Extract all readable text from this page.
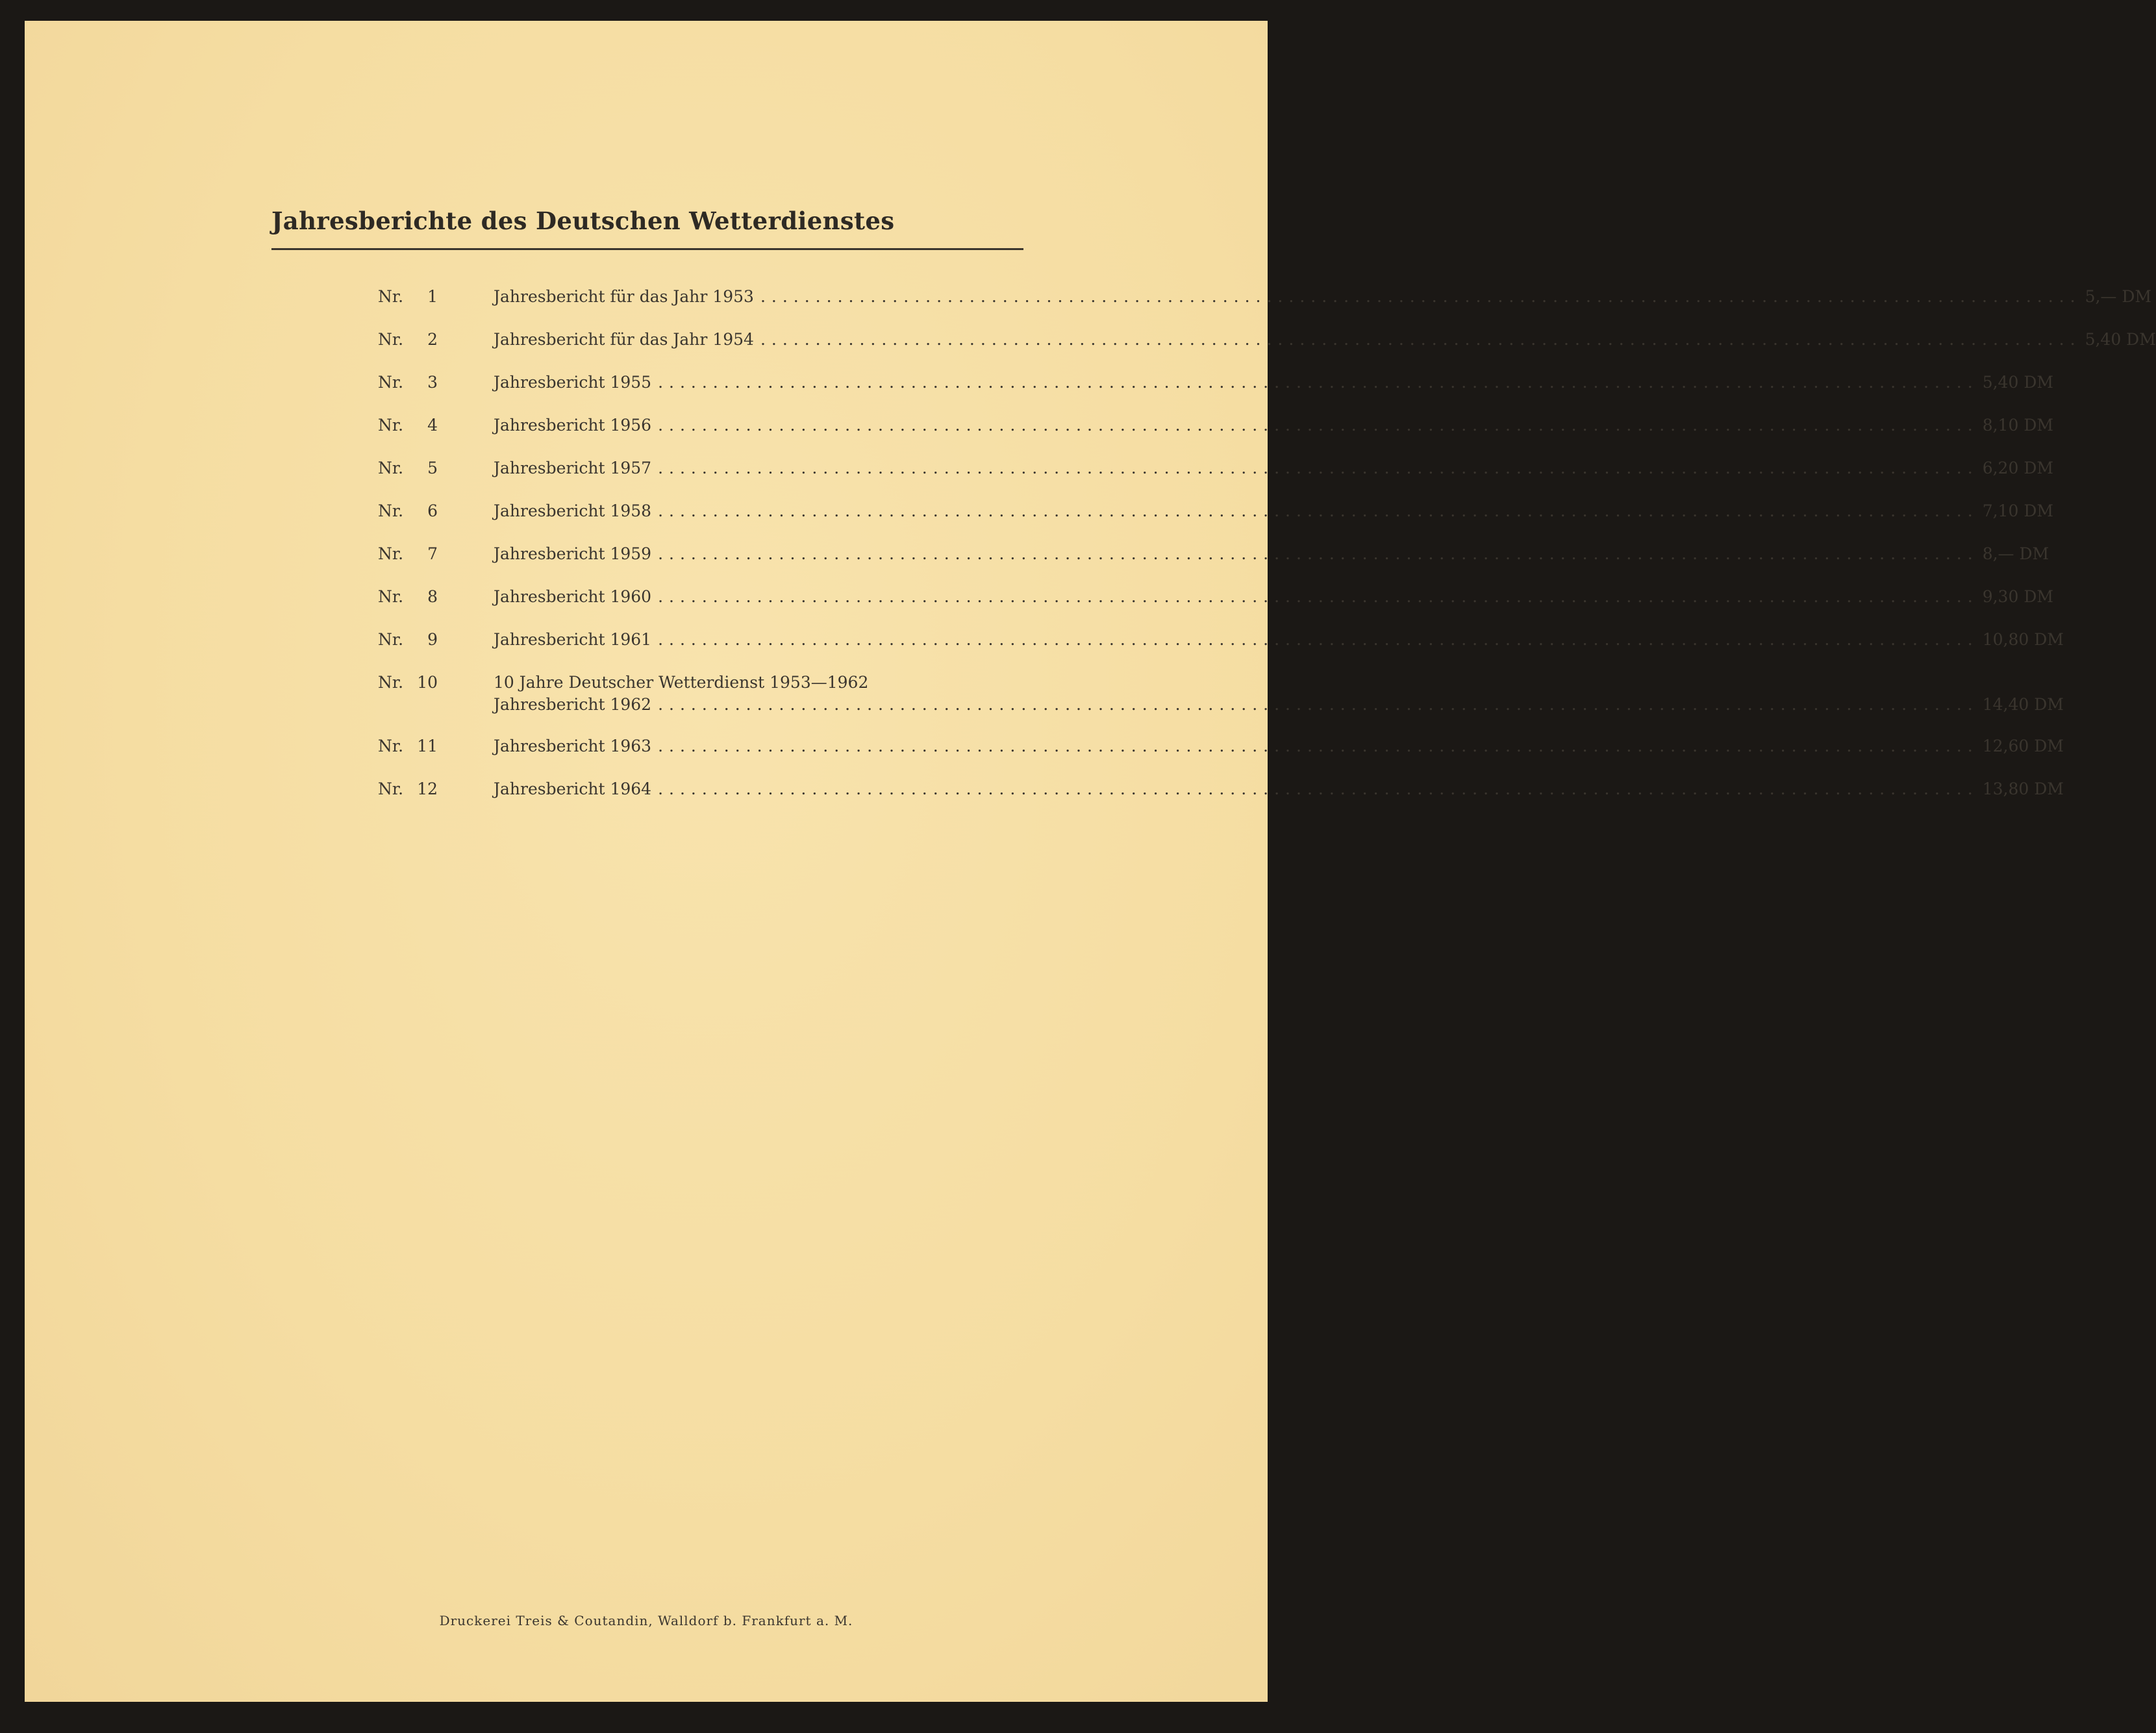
Jahresberichte des Deutschen Wetterdienstes
Nr. 1	Jahresbericht für das Jahr 1953 ........................................................................................................................ 5,— DM
Nr. 2	Jahresbericht für das Jahr 1954 ........................................................................................................................ 5,40 DM
Nr. 3	Jahresbericht 1955 ........................................................................................................................ 5,40 DM
Nr. 4	Jahresbericht 1956 ........................................................................................................................ 8,10 DM
Nr. 5	Jahresbericht 1957 ........................................................................................................................ 6,20 DM
Nr. 6	Jahresbericht 1958 ........................................................................................................................ 7,10 DM
Nr. 7	Jahresbericht 1959 ........................................................................................................................ 8,— DM
Nr. 8	Jahresbericht 1960 ........................................................................................................................ 9,30 DM
Nr. 9	Jahresbericht 1961 ........................................................................................................................ 10,80 DM
Nr. 10	10 Jahre Deutscher Wetterdienst 1953—1962
Jahresbericht 1962 ........................................................................................................................ 14,40 DM
Nr. 11	Jahresbericht 1963 ........................................................................................................................ 12,60 DM
Nr. 12	Jahresbericht 1964 ........................................................................................................................ 13,80 DM
Druckerei Treis & Coutandin, Walldorf b. Frankfurt a. M.
